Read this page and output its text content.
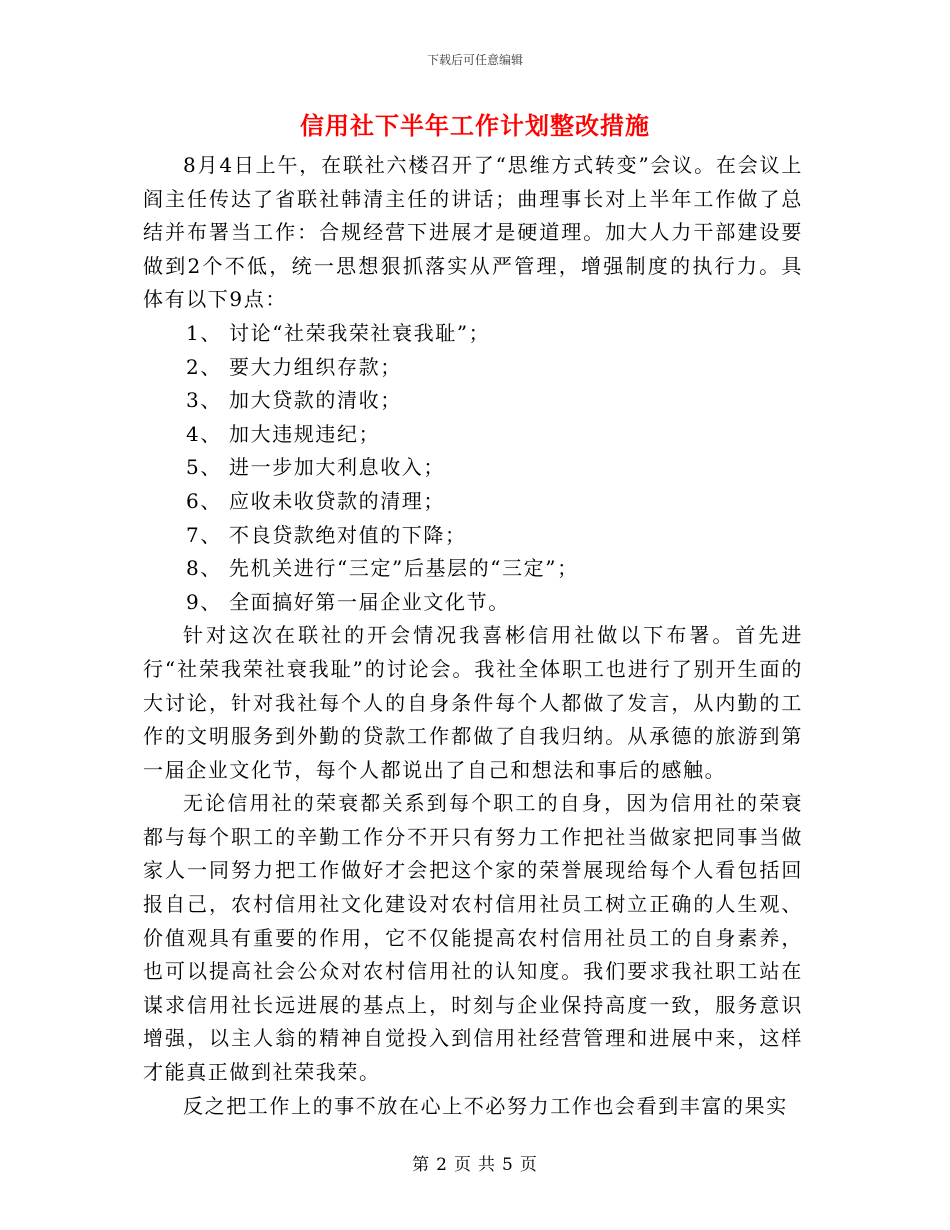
下载后可任意编辑
信用社下半年工作计划整改措施

8月4日上午，在联社六楼召开了“思维方式转变”会议。在会议上阎主任传达了省联社韩清主任的讲话；曲理事长对上半年工作做了总结并布署当工作：合规经营下进展才是硬道理。加大人力干部建设要做到2个不低，统一思想狠抓落实从严管理，增强制度的执行力。具体有以下9点：

1、 讨论“社荣我荣社衰我耻”；

2、 要大力组织存款；

3、 加大贷款的清收；

4、 加大违规违纪；

5、 进一步加大利息收入；

6、 应收未收贷款的清理；

7、 不良贷款绝对值的下降；

8、 先机关进行“三定”后基层的“三定”；

9、 全面搞好第一届企业文化节。

针对这次在联社的开会情况我喜彬信用社做以下布署。首先进行“社荣我荣社衰我耻”的讨论会。我社全体职工也进行了别开生面的大讨论，针对我社每个人的自身条件每个人都做了发言，从内勤的工作的文明服务到外勤的贷款工作都做了自我归纳。从承德的旅游到第一届企业文化节，每个人都说出了自己和想法和事后的感触。

无论信用社的荣衰都关系到每个职工的自身，因为信用社的荣衰都与每个职工的辛勤工作分不开只有努力工作把社当做家把同事当做家人一同努力把工作做好才会把这个家的荣誉展现给每个人看包括回报自己，农村信用社文化建设对农村信用社员工树立正确的人生观、价值观具有重要的作用，它不仅能提高农村信用社员工的自身素养，也可以提高社会公众对农村信用社的认知度。我们要求我社职工站在谋求信用社长远进展的基点上，时刻与企业保持高度一致，服务意识增强，以主人翁的精神自觉投入到信用社经营管理和进展中来，这样才能真正做到社荣我荣。

反之把工作上的事不放在心上不必努力工作也会看到丰富的果实

第 2 页 共 5 页
